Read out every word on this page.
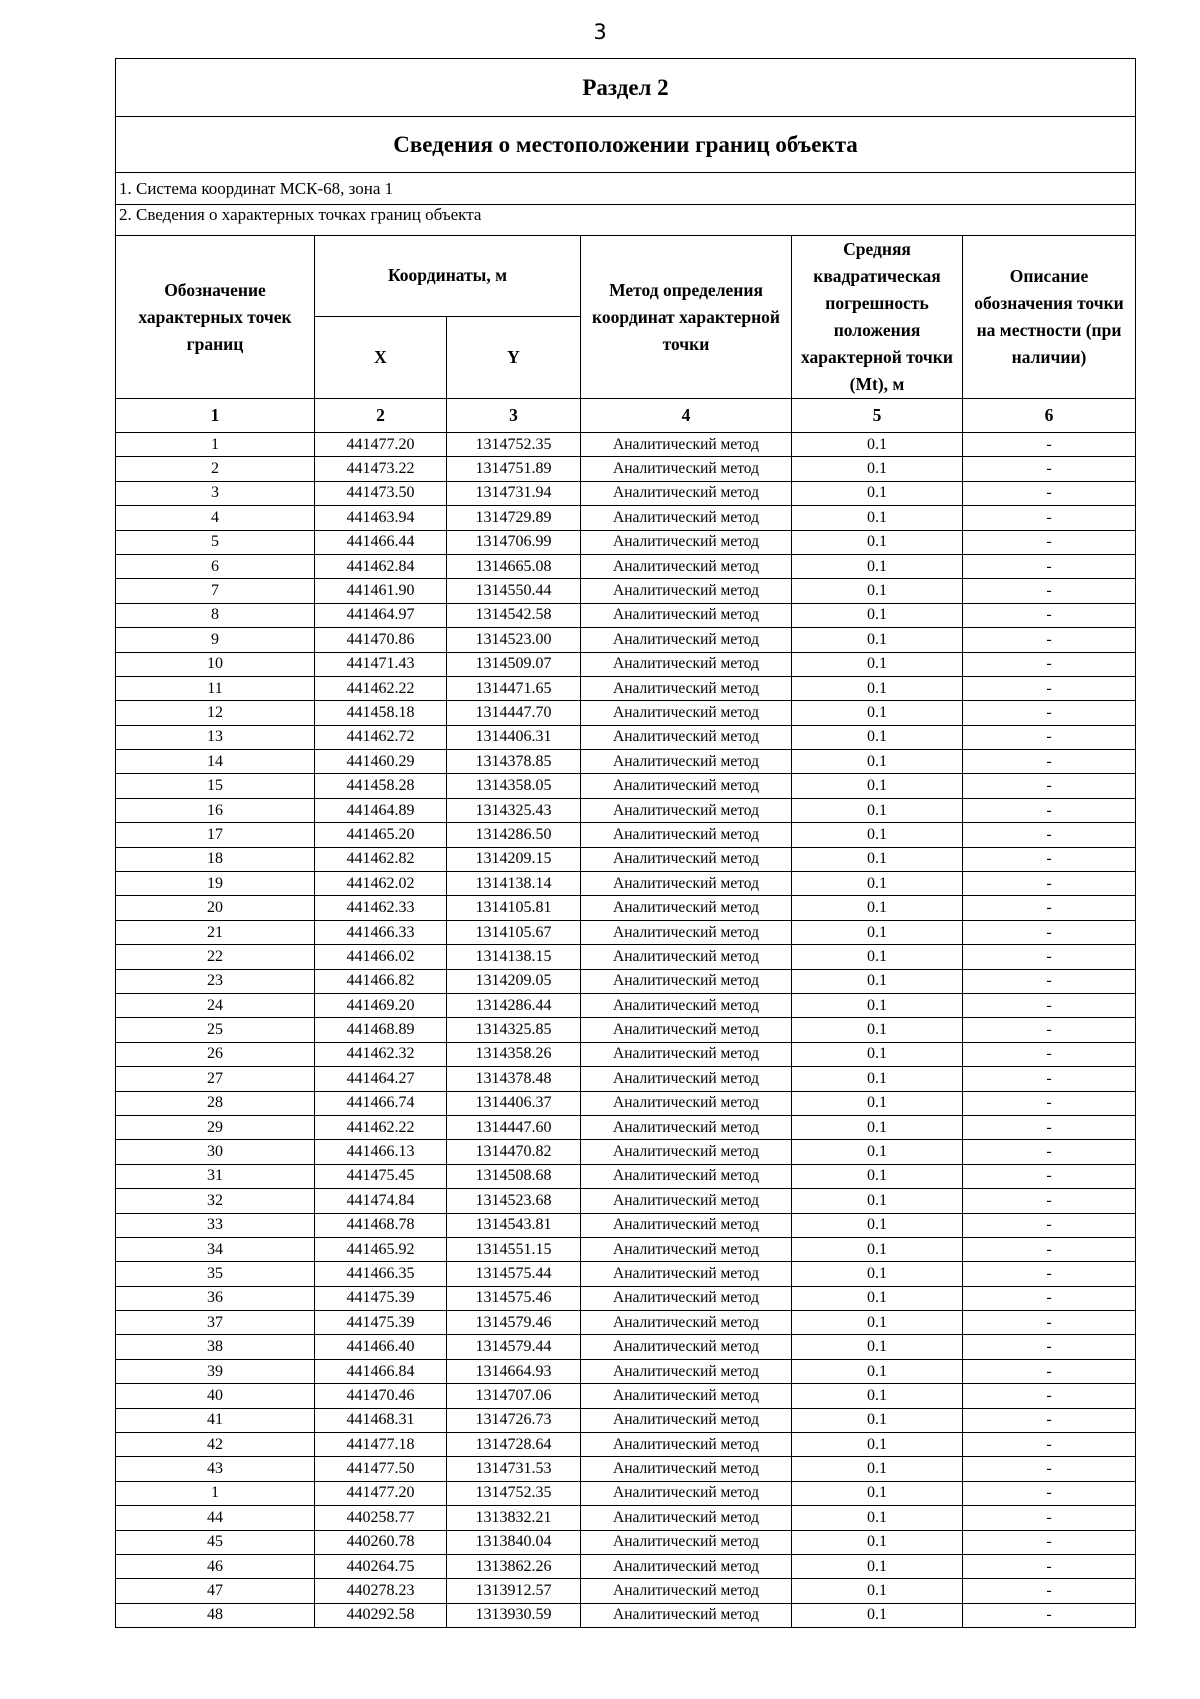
3
Раздел 2					
Сведения о местоположении границ объекта					
1. Система координат МСК-68, зона 1					
2. Сведения о характерных точках границ объекта					
Обозначение характерных точек границ	Координаты, м		Метод определения координат характерной точки	Средняя квадратическая погрешность положения характерной точки (Mt), м	Описание обозначения точки на местности (при наличии)
	X	Y			
1	2	3	4	5	6
1	441477.20	1314752.35	Аналитический метод	0.1	-
2	441473.22	1314751.89	Аналитический метод	0.1	-
3	441473.50	1314731.94	Аналитический метод	0.1	-
4	441463.94	1314729.89	Аналитический метод	0.1	-
5	441466.44	1314706.99	Аналитический метод	0.1	-
6	441462.84	1314665.08	Аналитический метод	0.1	-
7	441461.90	1314550.44	Аналитический метод	0.1	-
8	441464.97	1314542.58	Аналитический метод	0.1	-
9	441470.86	1314523.00	Аналитический метод	0.1	-
10	441471.43	1314509.07	Аналитический метод	0.1	-
11	441462.22	1314471.65	Аналитический метод	0.1	-
12	441458.18	1314447.70	Аналитический метод	0.1	-
13	441462.72	1314406.31	Аналитический метод	0.1	-
14	441460.29	1314378.85	Аналитический метод	0.1	-
15	441458.28	1314358.05	Аналитический метод	0.1	-
16	441464.89	1314325.43	Аналитический метод	0.1	-
17	441465.20	1314286.50	Аналитический метод	0.1	-
18	441462.82	1314209.15	Аналитический метод	0.1	-
19	441462.02	1314138.14	Аналитический метод	0.1	-
20	441462.33	1314105.81	Аналитический метод	0.1	-
21	441466.33	1314105.67	Аналитический метод	0.1	-
22	441466.02	1314138.15	Аналитический метод	0.1	-
23	441466.82	1314209.05	Аналитический метод	0.1	-
24	441469.20	1314286.44	Аналитический метод	0.1	-
25	441468.89	1314325.85	Аналитический метод	0.1	-
26	441462.32	1314358.26	Аналитический метод	0.1	-
27	441464.27	1314378.48	Аналитический метод	0.1	-
28	441466.74	1314406.37	Аналитический метод	0.1	-
29	441462.22	1314447.60	Аналитический метод	0.1	-
30	441466.13	1314470.82	Аналитический метод	0.1	-
31	441475.45	1314508.68	Аналитический метод	0.1	-
32	441474.84	1314523.68	Аналитический метод	0.1	-
33	441468.78	1314543.81	Аналитический метод	0.1	-
34	441465.92	1314551.15	Аналитический метод	0.1	-
35	441466.35	1314575.44	Аналитический метод	0.1	-
36	441475.39	1314575.46	Аналитический метод	0.1	-
37	441475.39	1314579.46	Аналитический метод	0.1	-
38	441466.40	1314579.44	Аналитический метод	0.1	-
39	441466.84	1314664.93	Аналитический метод	0.1	-
40	441470.46	1314707.06	Аналитический метод	0.1	-
41	441468.31	1314726.73	Аналитический метод	0.1	-
42	441477.18	1314728.64	Аналитический метод	0.1	-
43	441477.50	1314731.53	Аналитический метод	0.1	-
1	441477.20	1314752.35	Аналитический метод	0.1	-
44	440258.77	1313832.21	Аналитический метод	0.1	-
45	440260.78	1313840.04	Аналитический метод	0.1	-
46	440264.75	1313862.26	Аналитический метод	0.1	-
47	440278.23	1313912.57	Аналитический метод	0.1	-
48	440292.58	1313930.59	Аналитический метод	0.1	-
